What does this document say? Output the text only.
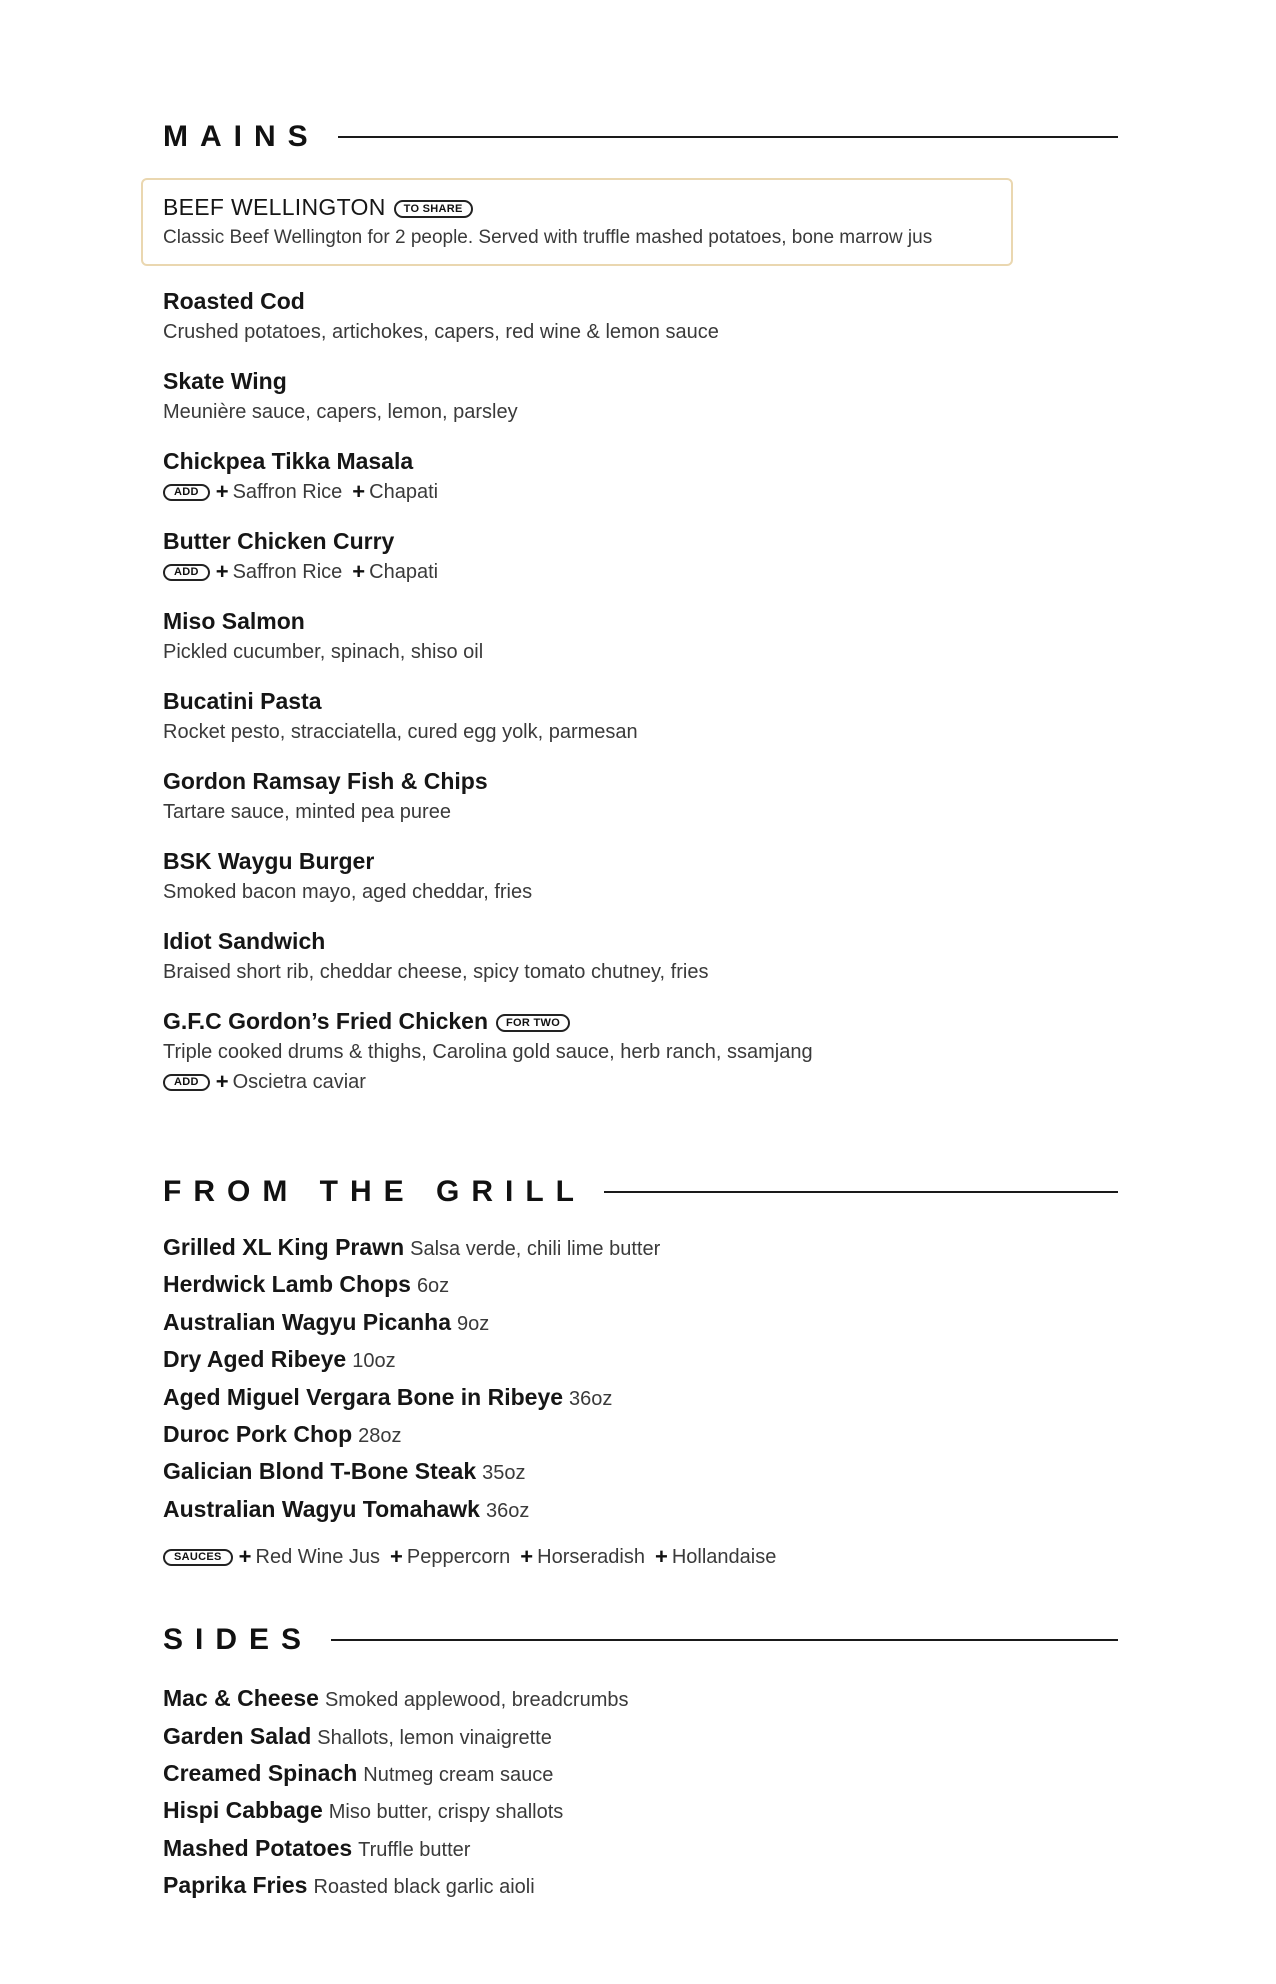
MAINS
BEEF WELLINGTON TO SHARE
Classic Beef Wellington for 2 people. Served with truffle mashed potatoes, bone marrow jus
Roasted Cod
Crushed potatoes, artichokes, capers, red wine & lemon sauce
Skate Wing
Meunière sauce, capers, lemon, parsley
Chickpea Tikka Masala
ADD + Saffron Rice + Chapati
Butter Chicken Curry
ADD + Saffron Rice + Chapati
Miso Salmon
Pickled cucumber, spinach, shiso oil
Bucatini Pasta
Rocket pesto, stracciatella, cured egg yolk, parmesan
Gordon Ramsay Fish & Chips
Tartare sauce, minted pea puree
BSK Waygu Burger
Smoked bacon mayo, aged cheddar, fries
Idiot Sandwich
Braised short rib, cheddar cheese, spicy tomato chutney, fries
G.F.C Gordon’s Fried Chicken FOR TWO
Triple cooked drums & thighs, Carolina gold sauce, herb ranch, ssamjang
ADD + Oscietra caviar
FROM THE GRILL
Grilled XL King Prawn Salsa verde, chili lime butter
Herdwick Lamb Chops 6oz
Australian Wagyu Picanha 9oz
Dry Aged Ribeye 10oz
Aged Miguel Vergara Bone in Ribeye 36oz
Duroc Pork Chop 28oz
Galician Blond T-Bone Steak 35oz
Australian Wagyu Tomahawk 36oz
SAUCES + Red Wine Jus + Peppercorn + Horseradish + Hollandaise
SIDES
Mac & Cheese Smoked applewood, breadcrumbs
Garden Salad Shallots, lemon vinaigrette
Creamed Spinach Nutmeg cream sauce
Hispi Cabbage Miso butter, crispy shallots
Mashed Potatoes Truffle butter
Paprika Fries Roasted black garlic aioli
